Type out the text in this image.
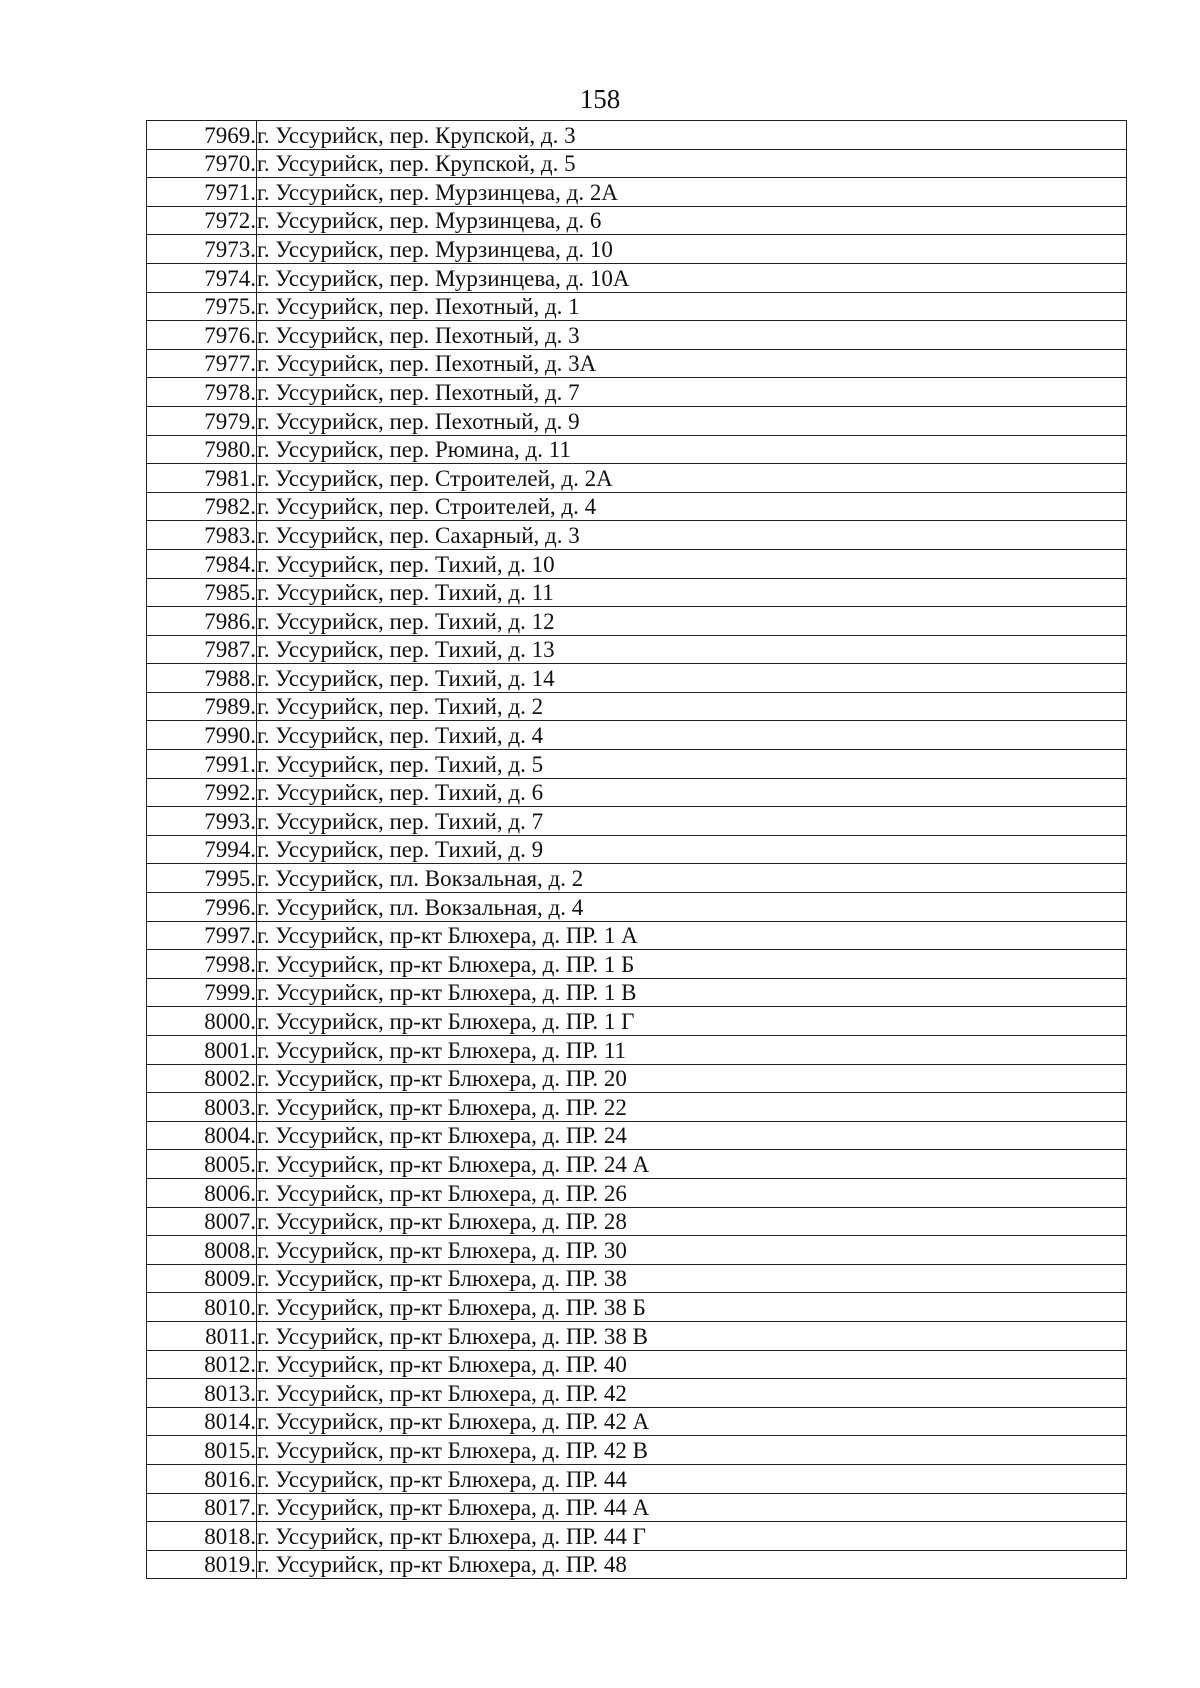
158
7969.	г. Уссурийск, пер. Крупской, д. 3
7970.	г. Уссурийск, пер. Крупской, д. 5
7971.	г. Уссурийск, пер. Мурзинцева, д. 2А
7972.	г. Уссурийск, пер. Мурзинцева, д. 6
7973.	г. Уссурийск, пер. Мурзинцева, д. 10
7974.	г. Уссурийск, пер. Мурзинцева, д. 10А
7975.	г. Уссурийск, пер. Пехотный, д. 1
7976.	г. Уссурийск, пер. Пехотный, д. 3
7977.	г. Уссурийск, пер. Пехотный, д. 3А
7978.	г. Уссурийск, пер. Пехотный, д. 7
7979.	г. Уссурийск, пер. Пехотный, д. 9
7980.	г. Уссурийск, пер. Рюмина, д. 11
7981.	г. Уссурийск, пер. Строителей, д. 2А
7982.	г. Уссурийск, пер. Строителей, д. 4
7983.	г. Уссурийск, пер. Сахарный, д. 3
7984.	г. Уссурийск, пер. Тихий, д. 10
7985.	г. Уссурийск, пер. Тихий, д. 11
7986.	г. Уссурийск, пер. Тихий, д. 12
7987.	г. Уссурийск, пер. Тихий, д. 13
7988.	г. Уссурийск, пер. Тихий, д. 14
7989.	г. Уссурийск, пер. Тихий, д. 2
7990.	г. Уссурийск, пер. Тихий, д. 4
7991.	г. Уссурийск, пер. Тихий, д. 5
7992.	г. Уссурийск, пер. Тихий, д. 6
7993.	г. Уссурийск, пер. Тихий, д. 7
7994.	г. Уссурийск, пер. Тихий, д. 9
7995.	г. Уссурийск, пл. Вокзальная, д. 2
7996.	г. Уссурийск, пл. Вокзальная, д. 4
7997.	г. Уссурийск, пр-кт Блюхера, д. ПР. 1 А
7998.	г. Уссурийск, пр-кт Блюхера, д. ПР. 1 Б
7999.	г. Уссурийск, пр-кт Блюхера, д. ПР. 1 В
8000.	г. Уссурийск, пр-кт Блюхера, д. ПР. 1 Г
8001.	г. Уссурийск, пр-кт Блюхера, д. ПР. 11
8002.	г. Уссурийск, пр-кт Блюхера, д. ПР. 20
8003.	г. Уссурийск, пр-кт Блюхера, д. ПР. 22
8004.	г. Уссурийск, пр-кт Блюхера, д. ПР. 24
8005.	г. Уссурийск, пр-кт Блюхера, д. ПР. 24 А
8006.	г. Уссурийск, пр-кт Блюхера, д. ПР. 26
8007.	г. Уссурийск, пр-кт Блюхера, д. ПР. 28
8008.	г. Уссурийск, пр-кт Блюхера, д. ПР. 30
8009.	г. Уссурийск, пр-кт Блюхера, д. ПР. 38
8010.	г. Уссурийск, пр-кт Блюхера, д. ПР. 38 Б
8011.	г. Уссурийск, пр-кт Блюхера, д. ПР. 38 В
8012.	г. Уссурийск, пр-кт Блюхера, д. ПР. 40
8013.	г. Уссурийск, пр-кт Блюхера, д. ПР. 42
8014.	г. Уссурийск, пр-кт Блюхера, д. ПР. 42 А
8015.	г. Уссурийск, пр-кт Блюхера, д. ПР. 42 В
8016.	г. Уссурийск, пр-кт Блюхера, д. ПР. 44
8017.	г. Уссурийск, пр-кт Блюхера, д. ПР. 44 А
8018.	г. Уссурийск, пр-кт Блюхера, д. ПР. 44 Г
8019.	г. Уссурийск, пр-кт Блюхера, д. ПР. 48
